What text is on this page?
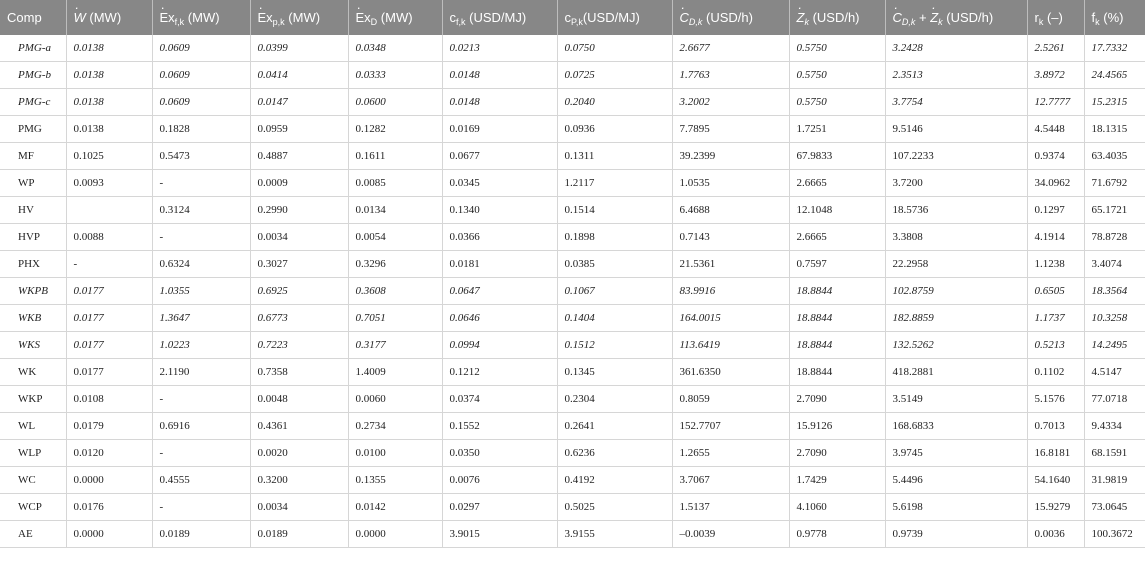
Comp	· W (MW)	· $Ex_{f,k}$ (MW)	· $Ex_{p,k}$ (MW)	· $Ex_D$ (MW)	$c_{f,k}$ (USD/MJ)	$c_{P,k}(USD/MJ)$	· $C_{D,k}$ (USD/h)	· $Z_k$ (USD/h)	· $C_{D,k}$ + · $Z_k$ (USD/h)	$r_k$ (–)	$f_k$ (%)
PMG-a	0.0138	0.0609	0.0399	0.0348	0.0213	0.0750	2.6677	0.5750	3.2428	2.5261	17.7332
PMG-b	0.0138	0.0609	0.0414	0.0333	0.0148	0.0725	1.7763	0.5750	2.3513	3.8972	24.4565
PMG-c	0.0138	0.0609	0.0147	0.0600	0.0148	0.2040	3.2002	0.5750	3.7754	12.7777	15.2315
PMG	0.0138	0.1828	0.0959	0.1282	0.0169	0.0936	7.7895	1.7251	9.5146	4.5448	18.1315
MF	0.1025	0.5473	0.4887	0.1611	0.0677	0.1311	39.2399	67.9833	107.2233	0.9374	63.4035
WP	0.0093	-	0.0009	0.0085	0.0345	1.2117	1.0535	2.6665	3.7200	34.0962	71.6792
HV		0.3124	0.2990	0.0134	0.1340	0.1514	6.4688	12.1048	18.5736	0.1297	65.1721
HVP	0.0088	-	0.0034	0.0054	0.0366	0.1898	0.7143	2.6665	3.3808	4.1914	78.8728
PHX	-	0.6324	0.3027	0.3296	0.0181	0.0385	21.5361	0.7597	22.2958	1.1238	3.4074
WKPB	0.0177	1.0355	0.6925	0.3608	0.0647	0.1067	83.9916	18.8844	102.8759	0.6505	18.3564
WKB	0.0177	1.3647	0.6773	0.7051	0.0646	0.1404	164.0015	18.8844	182.8859	1.1737	10.3258
WKS	0.0177	1.0223	0.7223	0.3177	0.0994	0.1512	113.6419	18.8844	132.5262	0.5213	14.2495
WK	0.0177	2.1190	0.7358	1.4009	0.1212	0.1345	361.6350	18.8844	418.2881	0.1102	4.5147
WKP	0.0108	-	0.0048	0.0060	0.0374	0.2304	0.8059	2.7090	3.5149	5.1576	77.0718
WL	0.0179	0.6916	0.4361	0.2734	0.1552	0.2641	152.7707	15.9126	168.6833	0.7013	9.4334
WLP	0.0120	-	0.0020	0.0100	0.0350	0.6236	1.2655	2.7090	3.9745	16.8181	68.1591
WC	0.0000	0.4555	0.3200	0.1355	0.0076	0.4192	3.7067	1.7429	5.4496	54.1640	31.9819
WCP	0.0176	-	0.0034	0.0142	0.0297	0.5025	1.5137	4.1060	5.6198	15.9279	73.0645
AE	0.0000	0.0189	0.0189	0.0000	3.9015	3.9155	–0.0039	0.9778	0.9739	0.0036	100.3672
